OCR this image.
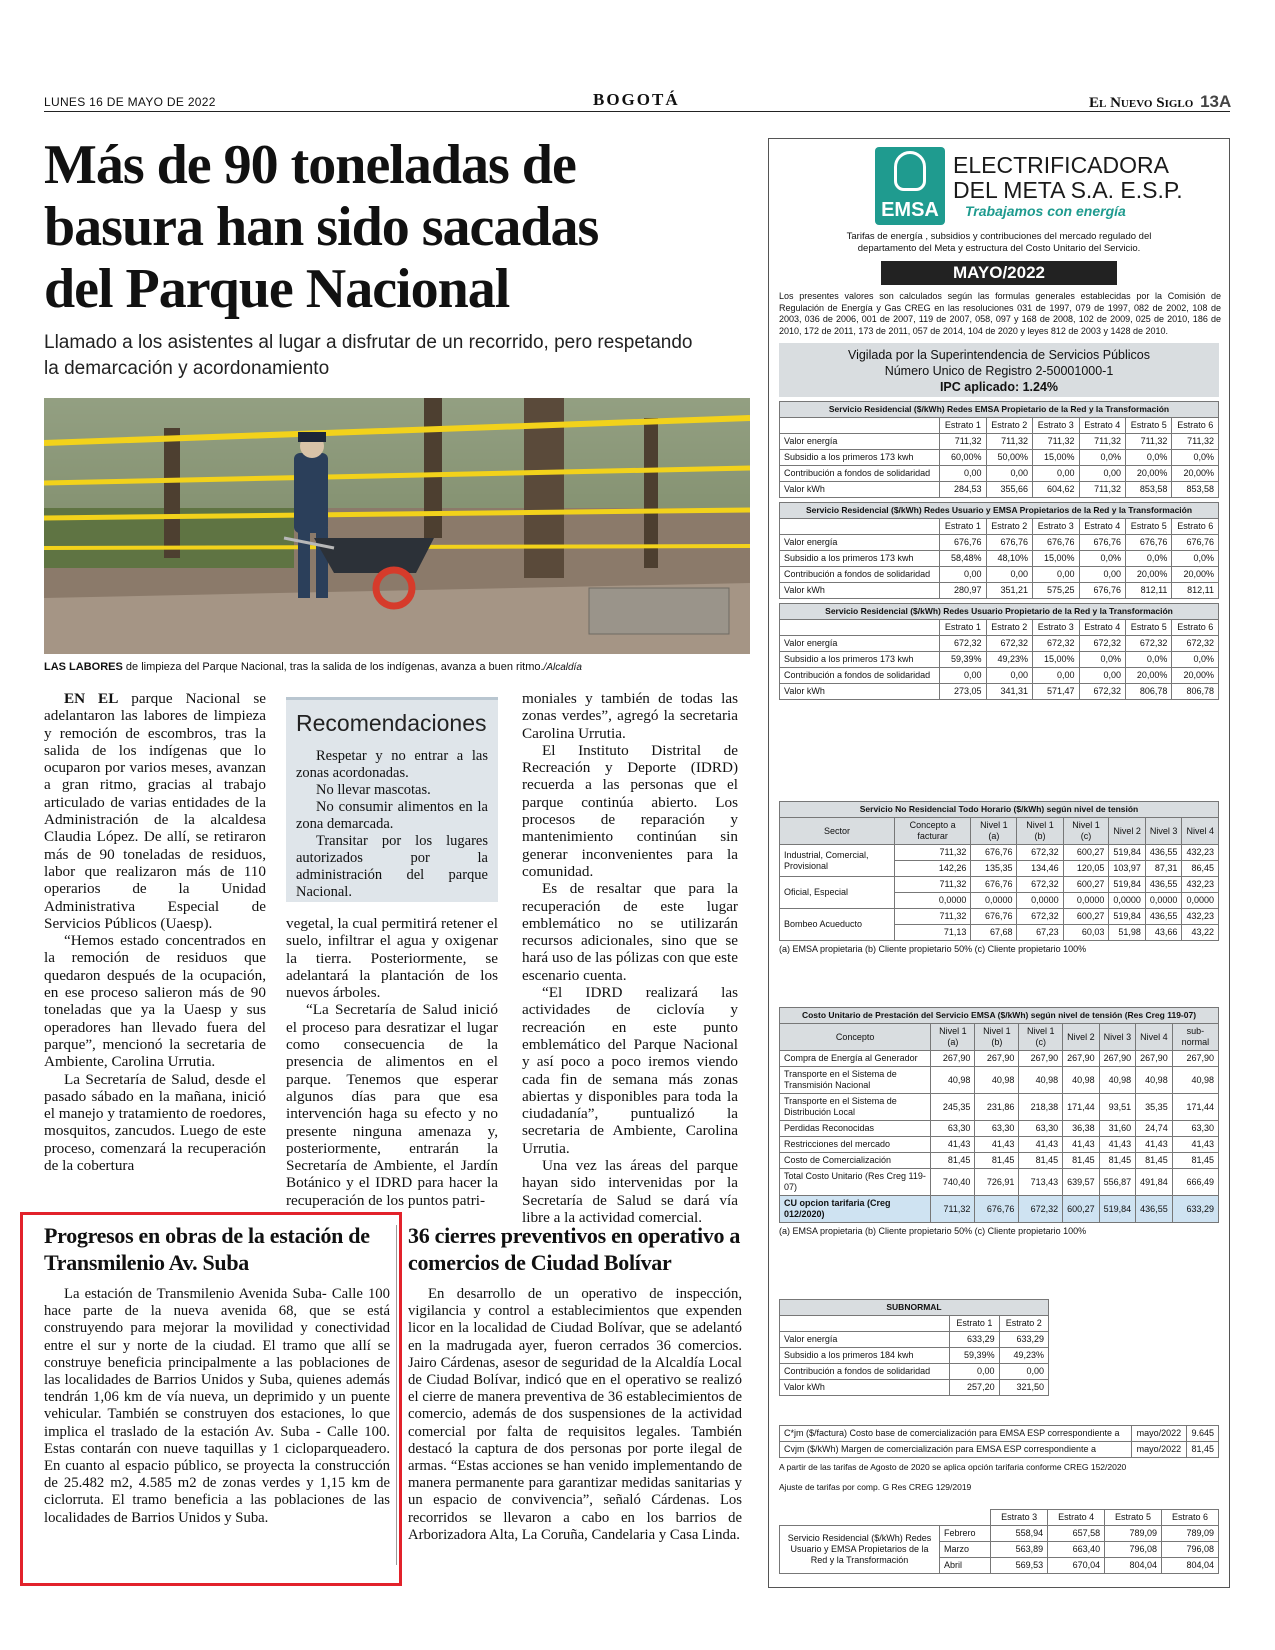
LUNES 16 DE MAYO DE 2022	BOGOTÁ	El Nuevo Siglo 13A
Más de 90 toneladas de
basura han sido sacadas
del Parque Nacional
Llamado a los asistentes al lugar a disfrutar de un recorrido, pero respetando la demarcación y acordonamiento
LAS LABORES de limpieza del Parque Nacional, tras la salida de los indígenas, avanza a buen ritmo./Alcaldía

EN EL parque Nacional se adelantaron las labores de limpieza y remoción de escombros, tras la salida de los indígenas que lo ocuparon por varios meses, avanzan a gran ritmo, gracias al trabajo articulado de varias entidades de la Administración de la alcaldesa Claudia López. De allí, se retiraron más de 90 toneladas de residuos, labor que realizaron más de 110 operarios de la Unidad Administrativa Especial de Servicios Públicos (Uaesp).

“Hemos estado concentrados en la remoción de residuos que quedaron después de la ocupación, en ese proceso salieron más de 90 toneladas que ya la Uaesp y sus operadores han llevado fuera del parque”, mencionó la secretaria de Ambiente, Carolina Urrutia.

La Secretaría de Salud, desde el pasado sábado en la mañana, inició el manejo y tratamiento de roedores, mosquitos, zancudos. Luego de este proceso, comenzará la recuperación de la cobertura

Recomendaciones

Respetar y no entrar a las zonas acordonadas.

No llevar mascotas.

No consumir alimentos en la zona demarcada.

Transitar por los lugares autorizados por la administración del parque Nacional.

vegetal, la cual permitirá retener el suelo, infiltrar el agua y oxigenar la tierra. Posteriormente, se adelantará la plantación de los nuevos árboles.

“La Secretaría de Salud inició el proceso para desratizar el lugar como consecuencia de la presencia de alimentos en el parque. Tenemos que esperar algunos días para que esa intervención haga su efecto y no presente ninguna amenaza y, posteriormente, entrarán la Secretaría de Ambiente, el Jardín Botánico y el IDRD para hacer la recuperación de los puntos patri-

moniales y también de todas las zonas verdes”, agregó la secretaria Carolina Urrutia.

El Instituto Distrital de Recreación y Deporte (IDRD) recuerda a las personas que el parque continúa abierto. Los procesos de reparación y mantenimiento continúan sin generar inconvenientes para la comunidad.

Es de resaltar que para la recuperación de este lugar emblemático no se utilizarán recursos adicionales, sino que se hará uso de las pólizas con que este escenario cuenta.

“El IDRD realizará las actividades de ciclovía y recreación en este punto emblemático del Parque Nacional y así poco a poco iremos viendo cada fin de semana más zonas abiertas y disponibles para toda la ciudadanía”, puntualizó la secretaria de Ambiente, Carolina Urrutia.

Una vez las áreas del parque hayan sido intervenidas por la Secretaría de Salud se dará vía libre a la actividad comercial.

Progresos en obras de la estación de Transmilenio Av. Suba

La estación de Transmilenio Avenida Suba- Calle 100 hace parte de la nueva avenida 68, que se está construyendo para mejorar la movilidad y conectividad entre el sur y norte de la ciudad. El tramo que allí se construye beneficia principalmente a las poblaciones de las localidades de Barrios Unidos y Suba, quienes además tendrán 1,06 km de vía nueva, un deprimido y un puente vehicular. También se construyen dos estaciones, lo que implica el traslado de la estación Av. Suba - Calle 100. Estas contarán con nueve taquillas y 1 cicloparqueadero. En cuanto al espacio público, se proyecta la construcción de 25.482 m2, 4.585 m2 de zonas verdes y 1,15 km de ciclorruta. El tramo beneficia a las poblaciones de las localidades de Barrios Unidos y Suba.

36 cierres preventivos en operativo a comercios de Ciudad Bolívar

En desarrollo de un operativo de inspección, vigilancia y control a establecimientos que expenden licor en la localidad de Ciudad Bolívar, que se adelantó en la madrugada ayer, fueron cerrados 36 comercios. Jairo Cárdenas, asesor de seguridad de la Alcaldía Local de Ciudad Bolívar, indicó que en el operativo se realizó el cierre de manera preventiva de 36 establecimientos de comercio, además de dos suspensiones de la actividad comercial por falta de requisitos legales. También destacó la captura de dos personas por porte ilegal de armas. “Estas acciones se han venido implementando de manera permanente para garantizar medidas sanitarias y un espacio de convivencia”, señaló Cárdenas. Los recorridos se llevaron a cabo en los barrios de Arborizadora Alta, La Coruña, Candelaria y Casa Linda.

EMSA
ELECTRIFICADORA
DEL META S.A. E.S.P.
Trabajamos con energía
Tarifas de energía , subsidios y contribuciones del mercado regulado del departamento del Meta y estructura del Costo Unitario del Servicio.
MAYO/2022
Los presentes valores son calculados según las formulas generales establecidas por la Comisión de Regulación de Energía y Gas CREG en las resoluciones 031 de 1997, 079 de 1997, 082 de 2002, 108 de 2003, 036 de 2006, 001 de 2007, 119 de 2007, 058, 097 y 168 de 2008, 102 de 2009, 025 de 2010, 186 de 2010, 172 de 2011, 173 de 2011, 057 de 2014, 104 de 2020 y leyes 812 de 2003 y 1428 de 2010.
Vigilada por la Superintendencia de Servicios Públicos
Número Unico de Registro 2-50001000-1
IPC aplicado: 1.24%
Servicio Residencial ($/kWh) Redes EMSA Propietario de la Red y la Transformación						
	Estrato 1	Estrato 2	Estrato 3	Estrato 4	Estrato 5	Estrato 6
Valor energía	711,32	711,32	711,32	711,32	711,32	711,32
Subsidio a los primeros 173 kwh	60,00%	50,00%	15,00%	0,0%	0,0%	0,0%
Contribución a fondos de solidaridad	0,00	0,00	0,00	0,00	20,00%	20,00%
Valor kWh	284,53	355,66	604,62	711,32	853,58	853,58
Servicio Residencial ($/kWh) Redes Usuario y EMSA Propietarios de la Red y la Transformación						
	Estrato 1	Estrato 2	Estrato 3	Estrato 4	Estrato 5	Estrato 6
Valor energía	676,76	676,76	676,76	676,76	676,76	676,76
Subsidio a los primeros 173 kwh	58,48%	48,10%	15,00%	0,0%	0,0%	0,0%
Contribución a fondos de solidaridad	0,00	0,00	0,00	0,00	20,00%	20,00%
Valor kWh	280,97	351,21	575,25	676,76	812,11	812,11
Servicio Residencial ($/kWh) Redes Usuario Propietario de la Red y la Transformación						
	Estrato 1	Estrato 2	Estrato 3	Estrato 4	Estrato 5	Estrato 6
Valor energía	672,32	672,32	672,32	672,32	672,32	672,32
Subsidio a los primeros 173 kwh	59,39%	49,23%	15,00%	0,0%	0,0%	0,0%
Contribución a fondos de solidaridad	0,00	0,00	0,00	0,00	20,00%	20,00%
Valor kWh	273,05	341,31	571,47	672,32	806,78	806,78
Servicio No Residencial Todo Horario ($/kWh) según nivel de tensión							
Sector	Concepto a facturar	Nivel 1 (a)	Nivel 1 (b)	Nivel 1 (c)	Nivel 2	Nivel 3	Nivel 4
Industrial, Comercial, Provisional	711,32	676,76	672,32	600,27	519,84	436,55	432,23
	142,26	135,35	134,46	120,05	103,97	87,31	86,45
Oficial, Especial	711,32	676,76	672,32	600,27	519,84	436,55	432,23
	0,0000	0,0000	0,0000	0,0000	0,0000	0,0000	0,0000
Bombeo Acueducto	711,32	676,76	672,32	600,27	519,84	436,55	432,23
	71,13	67,68	67,23	60,03	51,98	43,66	43,22
(a) EMSA propietaria (b) Cliente propietario 50% (c) Cliente propietario 100%
Costo Unitario de Prestación del Servicio EMSA ($/kWh) según nivel de tensión (Res Creg 119-07)							
Concepto	Nivel 1 (a)	Nivel 1 (b)	Nivel 1 (c)	Nivel 2	Nivel 3	Nivel 4	sub-normal
Compra de Energía al Generador	267,90	267,90	267,90	267,90	267,90	267,90	267,90
Transporte en el Sistema de Transmisión Nacional	40,98	40,98	40,98	40,98	40,98	40,98	40,98
Transporte en el Sistema de Distribución Local	245,35	231,86	218,38	171,44	93,51	35,35	171,44
Perdidas Reconocidas	63,30	63,30	63,30	36,38	31,60	24,74	63,30
Restricciones del mercado	41,43	41,43	41,43	41,43	41,43	41,43	41,43
Costo de Comercialización	81,45	81,45	81,45	81,45	81,45	81,45	81,45
Total Costo Unitario (Res Creg 119-07)	740,40	726,91	713,43	639,57	556,87	491,84	666,49
CU opcion tarifaria (Creg 012/2020)	711,32	676,76	672,32	600,27	519,84	436,55	633,29
(a) EMSA propietaria (b) Cliente propietario 50% (c) Cliente propietario 100%
SUBNORMAL		
	Estrato 1	Estrato 2
Valor energía	633,29	633,29
Subsidio a los primeros 184 kwh	59,39%	49,23%
Contribución a fondos de solidaridad	0,00	0,00
Valor kWh	257,20	321,50
C*jm ($/factura) Costo base de comercialización para EMSA ESP correspondiente a	mayo/2022	9.645
Cvjm ($/kWh) Margen de comercialización para EMSA ESP correspondiente a	mayo/2022	81,45
A partir de las tarifas de Agosto de 2020 se aplica opción tarifaria conforme CREG 152/2020
Ajuste de tarifas por comp. G Res CREG 129/2019
		Estrato 3	Estrato 4	Estrato 5	Estrato 6
Servicio Residencial ($/kWh) Redes Usuario y EMSA Propietarios de la Red y la Transformación	Febrero	558,94	657,58	789,09	789,09
	Marzo	563,89	663,40	796,08	796,08
	Abril	569,53	670,04	804,04	804,04
